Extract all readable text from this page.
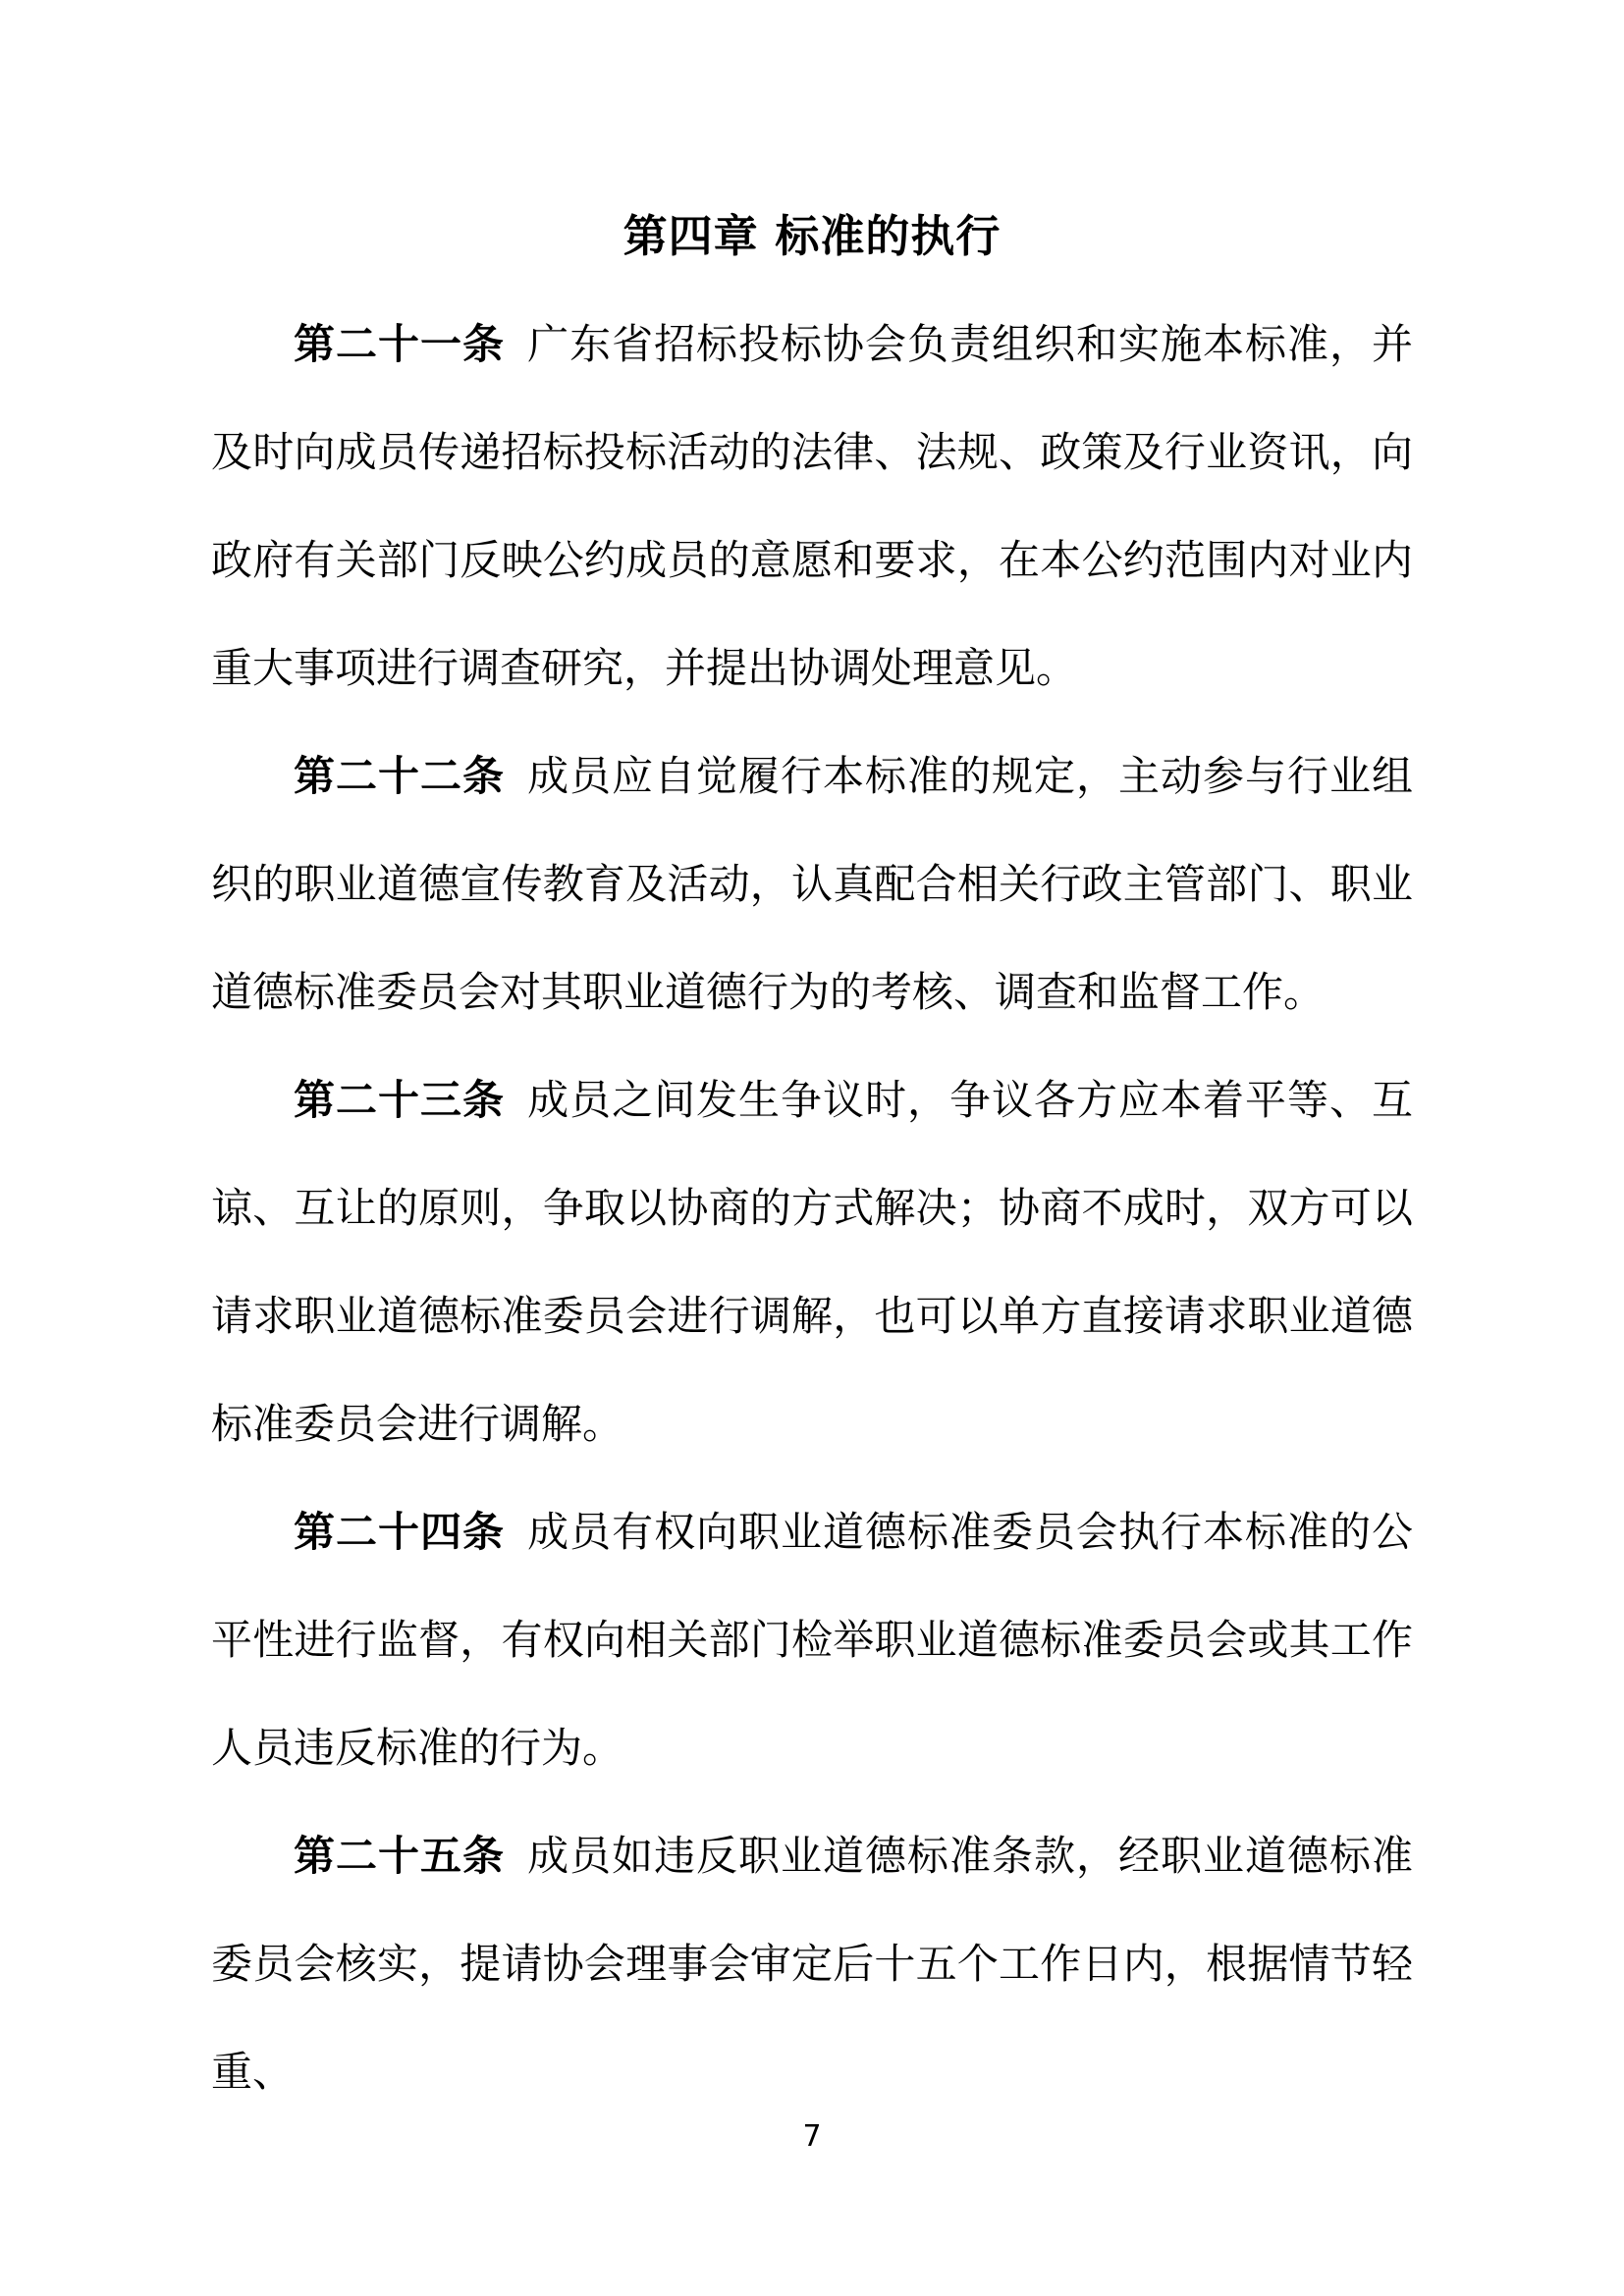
第四章 标准的执行

第二十一条 广东省招标投标协会负责组织和实施本标准，并及时向成员传递招标投标活动的法律、法规、政策及行业资讯，向政府有关部门反映公约成员的意愿和要求，在本公约范围内对业内重大事项进行调查研究，并提出协调处理意见。

第二十二条 成员应自觉履行本标准的规定，主动参与行业组织的职业道德宣传教育及活动，认真配合相关行政主管部门、职业道德标准委员会对其职业道德行为的考核、调查和监督工作。

第二十三条 成员之间发生争议时，争议各方应本着平等、互谅、互让的原则，争取以协商的方式解决；协商不成时，双方可以请求职业道德标准委员会进行调解，也可以单方直接请求职业道德标准委员会进行调解。

第二十四条 成员有权向职业道德标准委员会执行本标准的公平性进行监督，有权向相关部门检举职业道德标准委员会或其工作人员违反标准的行为。

第二十五条 成员如违反职业道德标准条款，经职业道德标准委员会核实，提请协会理事会审定后十五个工作日内，根据情节轻重、

7
